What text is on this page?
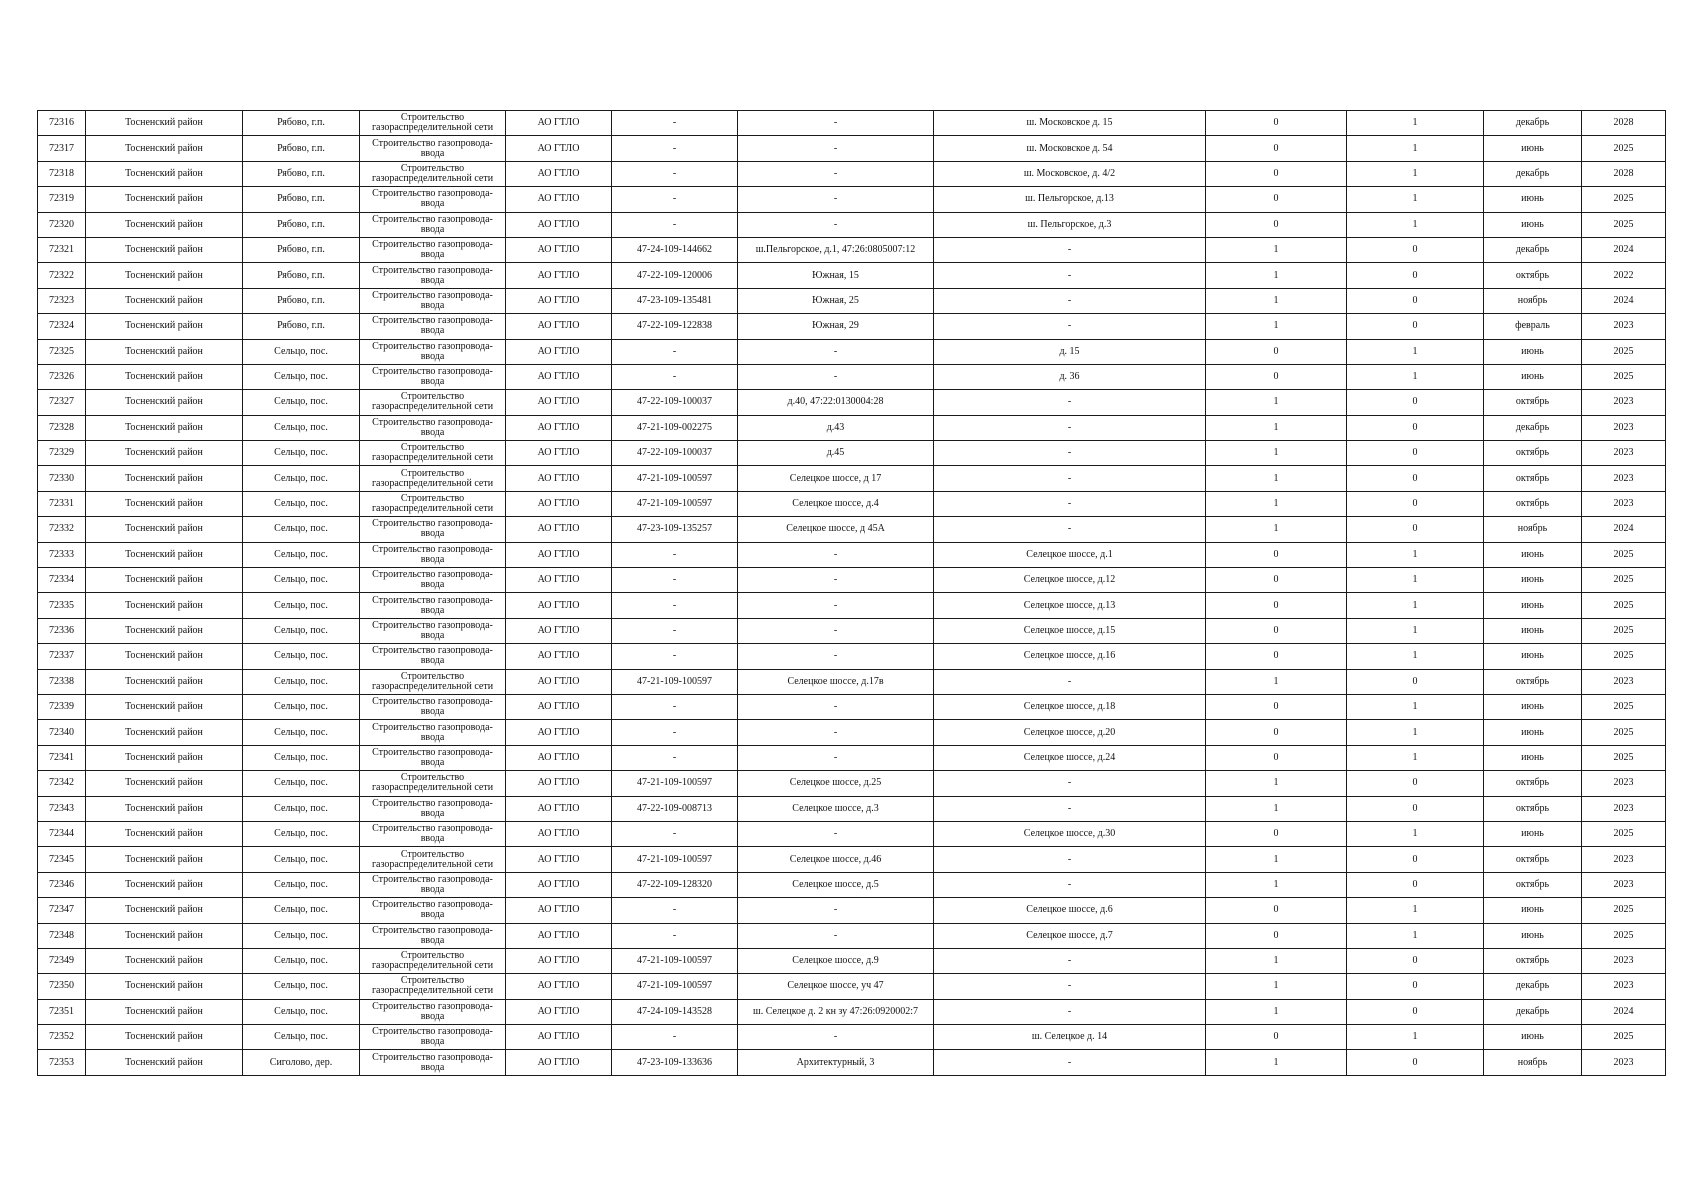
72316	Тосненский район	Рябово, г.п.	Строительство газораспределительной сети	АО ГТЛО	-	-	ш. Московское д. 15	0	1	декабрь	2028
72317	Тосненский район	Рябово, г.п.	Строительство газопровода-ввода	АО ГТЛО	-	-	ш. Московское д. 54	0	1	июнь	2025
72318	Тосненский район	Рябово, г.п.	Строительство газораспределительной сети	АО ГТЛО	-	-	ш. Московское, д. 4/2	0	1	декабрь	2028
72319	Тосненский район	Рябово, г.п.	Строительство газопровода-ввода	АО ГТЛО	-	-	ш. Пельгорское, д.13	0	1	июнь	2025
72320	Тосненский район	Рябово, г.п.	Строительство газопровода-ввода	АО ГТЛО	-	-	ш. Пельгорское, д.3	0	1	июнь	2025
72321	Тосненский район	Рябово, г.п.	Строительство газопровода-ввода	АО ГТЛО	47-24-109-144662	ш.Пельгорское, д.1, 47:26:0805007:12	-	1	0	декабрь	2024
72322	Тосненский район	Рябово, г.п.	Строительство газопровода-ввода	АО ГТЛО	47-22-109-120006	Южная, 15	-	1	0	октябрь	2022
72323	Тосненский район	Рябово, г.п.	Строительство газопровода-ввода	АО ГТЛО	47-23-109-135481	Южная, 25	-	1	0	ноябрь	2024
72324	Тосненский район	Рябово, г.п.	Строительство газопровода-ввода	АО ГТЛО	47-22-109-122838	Южная, 29	-	1	0	февраль	2023
72325	Тосненский район	Сельцо, пос.	Строительство газопровода-ввода	АО ГТЛО	-	-	д. 15	0	1	июнь	2025
72326	Тосненский район	Сельцо, пос.	Строительство газопровода-ввода	АО ГТЛО	-	-	д. 36	0	1	июнь	2025
72327	Тосненский район	Сельцо, пос.	Строительство газораспределительной сети	АО ГТЛО	47-22-109-100037	д.40, 47:22:0130004:28	-	1	0	октябрь	2023
72328	Тосненский район	Сельцо, пос.	Строительство газопровода-ввода	АО ГТЛО	47-21-109-002275	д.43	-	1	0	декабрь	2023
72329	Тосненский район	Сельцо, пос.	Строительство газораспределительной сети	АО ГТЛО	47-22-109-100037	д.45	-	1	0	октябрь	2023
72330	Тосненский район	Сельцо, пос.	Строительство газораспределительной сети	АО ГТЛО	47-21-109-100597	Селецкое шоссе, д 17	-	1	0	октябрь	2023
72331	Тосненский район	Сельцо, пос.	Строительство газораспределительной сети	АО ГТЛО	47-21-109-100597	Селецкое шоссе, д.4	-	1	0	октябрь	2023
72332	Тосненский район	Сельцо, пос.	Строительство газопровода-ввода	АО ГТЛО	47-23-109-135257	Селецкое шоссе, д 45А	-	1	0	ноябрь	2024
72333	Тосненский район	Сельцо, пос.	Строительство газопровода-ввода	АО ГТЛО	-	-	Селецкое шоссе, д.1	0	1	июнь	2025
72334	Тосненский район	Сельцо, пос.	Строительство газопровода-ввода	АО ГТЛО	-	-	Селецкое шоссе, д.12	0	1	июнь	2025
72335	Тосненский район	Сельцо, пос.	Строительство газопровода-ввода	АО ГТЛО	-	-	Селецкое шоссе, д.13	0	1	июнь	2025
72336	Тосненский район	Сельцо, пос.	Строительство газопровода-ввода	АО ГТЛО	-	-	Селецкое шоссе, д.15	0	1	июнь	2025
72337	Тосненский район	Сельцо, пос.	Строительство газопровода-ввода	АО ГТЛО	-	-	Селецкое шоссе, д.16	0	1	июнь	2025
72338	Тосненский район	Сельцо, пос.	Строительство газораспределительной сети	АО ГТЛО	47-21-109-100597	Селецкое шоссе, д.17в	-	1	0	октябрь	2023
72339	Тосненский район	Сельцо, пос.	Строительство газопровода-ввода	АО ГТЛО	-	-	Селецкое шоссе, д.18	0	1	июнь	2025
72340	Тосненский район	Сельцо, пос.	Строительство газопровода-ввода	АО ГТЛО	-	-	Селецкое шоссе, д.20	0	1	июнь	2025
72341	Тосненский район	Сельцо, пос.	Строительство газопровода-ввода	АО ГТЛО	-	-	Селецкое шоссе, д.24	0	1	июнь	2025
72342	Тосненский район	Сельцо, пос.	Строительство газораспределительной сети	АО ГТЛО	47-21-109-100597	Селецкое шоссе, д.25	-	1	0	октябрь	2023
72343	Тосненский район	Сельцо, пос.	Строительство газопровода-ввода	АО ГТЛО	47-22-109-008713	Селецкое шоссе, д.3	-	1	0	октябрь	2023
72344	Тосненский район	Сельцо, пос.	Строительство газопровода-ввода	АО ГТЛО	-	-	Селецкое шоссе, д.30	0	1	июнь	2025
72345	Тосненский район	Сельцо, пос.	Строительство газораспределительной сети	АО ГТЛО	47-21-109-100597	Селецкое шоссе, д.46	-	1	0	октябрь	2023
72346	Тосненский район	Сельцо, пос.	Строительство газопровода-ввода	АО ГТЛО	47-22-109-128320	Селецкое шоссе, д.5	-	1	0	октябрь	2023
72347	Тосненский район	Сельцо, пос.	Строительство газопровода-ввода	АО ГТЛО	-	-	Селецкое шоссе, д.6	0	1	июнь	2025
72348	Тосненский район	Сельцо, пос.	Строительство газопровода-ввода	АО ГТЛО	-	-	Селецкое шоссе, д.7	0	1	июнь	2025
72349	Тосненский район	Сельцо, пос.	Строительство газораспределительной сети	АО ГТЛО	47-21-109-100597	Селецкое шоссе, д.9	-	1	0	октябрь	2023
72350	Тосненский район	Сельцо, пос.	Строительство газораспределительной сети	АО ГТЛО	47-21-109-100597	Селецкое шоссе, уч 47	-	1	0	декабрь	2023
72351	Тосненский район	Сельцо, пос.	Строительство газопровода-ввода	АО ГТЛО	47-24-109-143528	ш. Селецкое д. 2 кн зу 47:26:0920002:7	-	1	0	декабрь	2024
72352	Тосненский район	Сельцо, пос.	Строительство газопровода-ввода	АО ГТЛО	-	-	ш. Селецкое д. 14	0	1	июнь	2025
72353	Тосненский район	Сиголово, дер.	Строительство газопровода-ввода	АО ГТЛО	47-23-109-133636	Архитектурный, 3	-	1	0	ноябрь	2023
